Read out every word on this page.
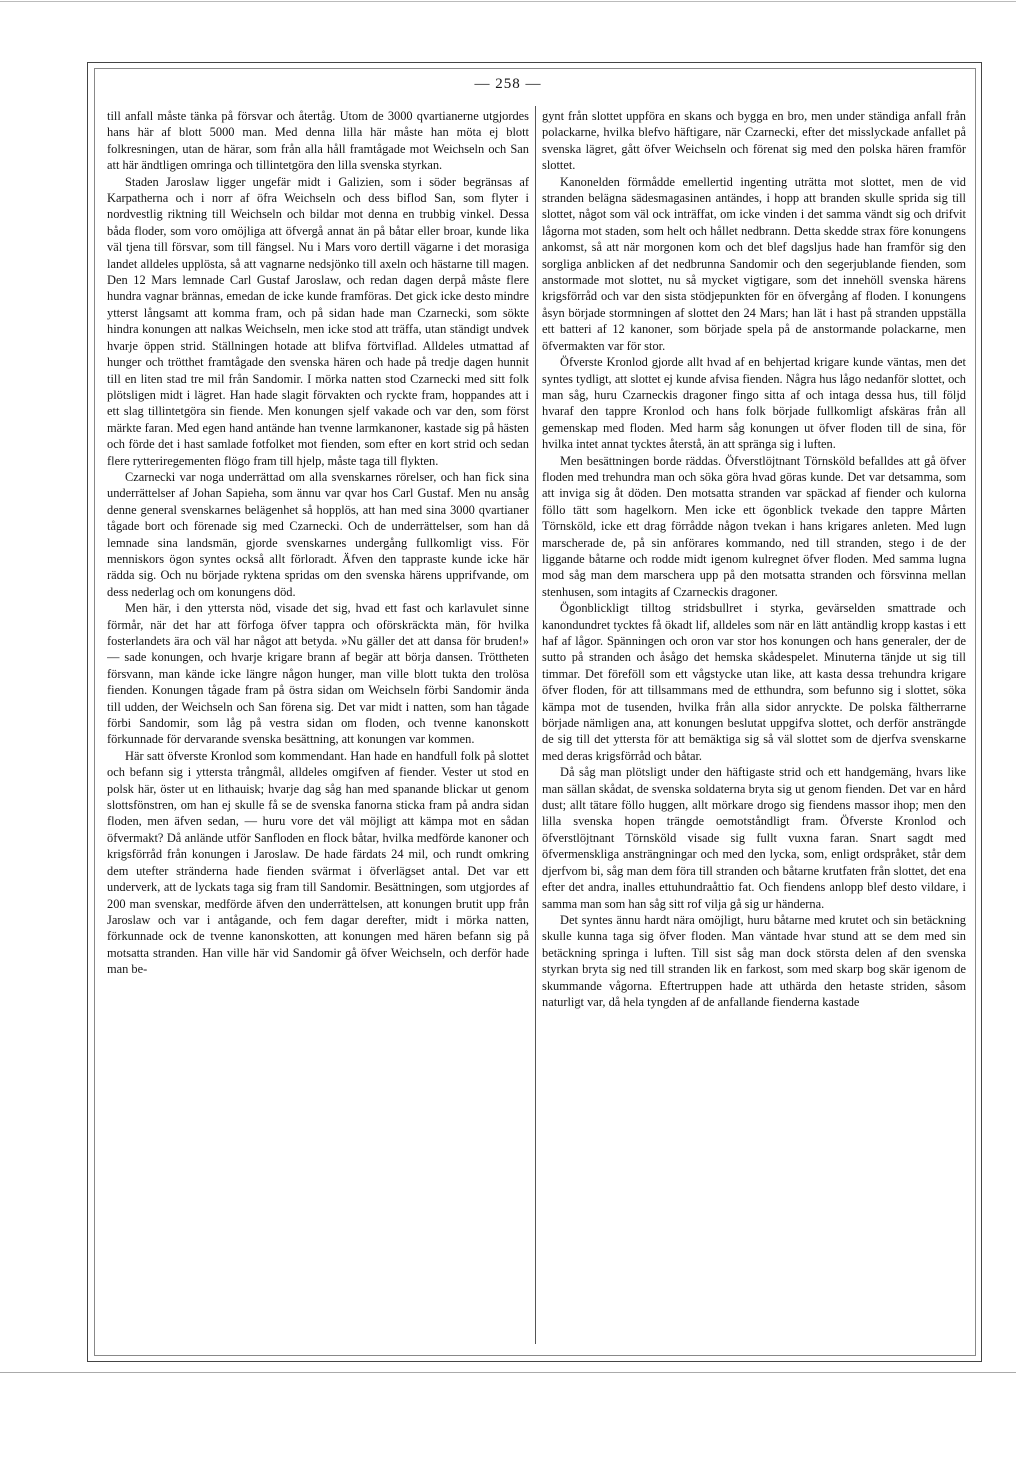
— 258 —

till anfall måste tänka på försvar och återtåg. Utom de 3000 qvartianerne utgjordes hans här af blott 5000 man. Med denna lilla här måste han möta ej blott folkresningen, utan de härar, som från alla håll framtågade mot Weichseln och San att här ändtligen omringa och tillintetgöra den lilla svenska styrkan.

Staden Jaroslaw ligger ungefär midt i Galizien, som i söder begränsas af Karpatherna och i norr af öfra Weichseln och dess biflod San, som flyter i nordvestlig riktning till Weichseln och bildar mot denna en trubbig vinkel. Dessa båda floder, som voro omöjliga att öfvergå annat än på båtar eller broar, kunde lika väl tjena till försvar, som till fängsel. Nu i Mars voro dertill vägarne i det morasiga landet alldeles upplösta, så att vagnarne nedsjönko till axeln och hästarne till magen. Den 12 Mars lemnade Carl Gustaf Jaroslaw, och redan dagen derpå måste flere hundra vagnar brännas, emedan de icke kunde framföras. Det gick icke desto mindre ytterst långsamt att komma fram, och på sidan hade man Czarnecki, som sökte hindra konungen att nalkas Weichseln, men icke stod att träffa, utan ständigt undvek hvarje öppen strid. Ställningen hotade att blifva förtviflad. Alldeles utmattad af hunger och trötthet framtågade den svenska hären och hade på tredje dagen hunnit till en liten stad tre mil från Sandomir. I mörka natten stod Czarnecki med sitt folk plötsligen midt i lägret. Han hade slagit förvakten och ryckte fram, hoppandes att i ett slag tillintetgöra sin fiende. Men konungen sjelf vakade och var den, som först märkte faran. Med egen hand antände han tvenne larmkanoner, kastade sig på hästen och förde det i hast samlade fotfolket mot fienden, som efter en kort strid och sedan flere rytteriregementen flögo fram till hjelp, måste taga till flykten.

Czarnecki var noga underrättad om alla svenskarnes rörelser, och han fick sina underrättelser af Johan Sapieha, som ännu var qvar hos Carl Gustaf. Men nu ansåg denne general svenskarnes belägenhet så hopplös, att han med sina 3000 qvartianer tågade bort och förenade sig med Czarnecki. Och de underrättelser, som han då lemnade sina landsmän, gjorde svenskarnes undergång fullkomligt viss. För menniskors ögon syntes också allt förloradt. Äfven den tappraste kunde icke här rädda sig. Och nu började ryktena spridas om den svenska härens upprifvande, om dess nederlag och om konungens död.

Men här, i den yttersta nöd, visade det sig, hvad ett fast och karlavulet sinne förmår, när det har att förfoga öfver tappra och oförskräckta män, för hvilka fosterlandets ära och väl har något att betyda. »Nu gäller det att dansa för bruden!» — sade konungen, och hvarje krigare brann af begär att börja dansen. Tröttheten försvann, man kände icke längre någon hunger, man ville blott tukta den trolösa fienden. Konungen tågade fram på östra sidan om Weichseln förbi Sandomir ända till udden, der Weichseln och San förena sig. Det var midt i natten, som han tågade förbi Sandomir, som låg på vestra sidan om floden, och tvenne kanonskott förkunnade för dervarande svenska besättning, att konungen var kommen.

Här satt öfverste Kronlod som kommendant. Han hade en handfull folk på slottet och befann sig i yttersta trångmål, alldeles omgifven af fiender. Vester ut stod en polsk här, öster ut en lithauisk; hvarje dag såg han med spanande blickar ut genom slottsfönstren, om han ej skulle få se de svenska fanorna sticka fram på andra sidan floden, men äfven sedan, — huru vore det väl möjligt att kämpa mot en sådan öfvermakt? Då anlände utför Sanfloden en flock båtar, hvilka medförde kanoner och krigsförråd från konungen i Jaroslaw. De hade färdats 24 mil, och rundt omkring dem utefter stränderna hade fienden svärmat i öfverlägset antal. Det var ett underverk, att de lyckats taga sig fram till Sandomir. Besättningen, som utgjordes af 200 man svenskar, medförde äfven den underrättelsen, att konungen brutit upp från Jaroslaw och var i antågande, och fem dagar derefter, midt i mörka natten, förkunnade ock de tvenne kanonskotten, att konungen med hären befann sig på motsatta stranden. Han ville här vid Sandomir gå öfver Weichseln, och derför hade man be-

gynt från slottet uppföra en skans och bygga en bro, men under ständiga anfall från polackarne, hvilka blefvo häftigare, när Czarnecki, efter det misslyckade anfallet på svenska lägret, gått öfver Weichseln och förenat sig med den polska hären framför slottet.

Kanonelden förmådde emellertid ingenting uträtta mot slottet, men de vid stranden belägna sädesmagasinen antändes, i hopp att branden skulle sprida sig till slottet, något som väl ock inträffat, om icke vinden i det samma vändt sig och drifvit lågorna mot staden, som helt och hållet nedbrann. Detta skedde strax före konungens ankomst, så att när morgonen kom och det blef dagsljus hade han framför sig den sorgliga anblicken af det nedbrunna Sandomir och den segerjublande fienden, som anstormade mot slottet, nu så mycket vigtigare, som det innehöll svenska härens krigsförråd och var den sista stödjepunkten för en öfvergång af floden. I konungens åsyn började stormningen af slottet den 24 Mars; han lät i hast på stranden uppställa ett batteri af 12 kanoner, som började spela på de anstormande polackarne, men öfvermakten var för stor.

Öfverste Kronlod gjorde allt hvad af en behjertad krigare kunde väntas, men det syntes tydligt, att slottet ej kunde afvisa fienden. Några hus lågo nedanför slottet, och man såg, huru Czarneckis dragoner fingo sitta af och intaga dessa hus, till följd hvaraf den tappre Kronlod och hans folk började fullkomligt afskäras från all gemenskap med floden. Med harm såg konungen ut öfver floden till de sina, för hvilka intet annat tycktes återstå, än att spränga sig i luften.

Men besättningen borde räddas. Öfverstlöjtnant Törnsköld befalldes att gå öfver floden med trehundra man och söka göra hvad göras kunde. Det var detsamma, som att inviga sig åt döden. Den motsatta stranden var späckad af fiender och kulorna föllo tätt som hagelkorn. Men icke ett ögonblick tvekade den tappre Mårten Törnsköld, icke ett drag förrådde någon tvekan i hans krigares anleten. Med lugn marscherade de, på sin anförares kommando, ned till stranden, stego i de der liggande båtarne och rodde midt igenom kulregnet öfver floden. Med samma lugna mod såg man dem marschera upp på den motsatta stranden och försvinna mellan stenhusen, som intagits af Czarneckis dragoner.

Ögonblickligt tilltog stridsbullret i styrka, gevärselden smattrade och kanondundret tycktes få ökadt lif, alldeles som när en lätt antändlig kropp kastas i ett haf af lågor. Spänningen och oron var stor hos konungen och hans generaler, der de sutto på stranden och åsågo det hemska skådespelet. Minuterna tänjde ut sig till timmar. Det föreföll som ett vågstycke utan like, att kasta dessa trehundra krigare öfver floden, för att tillsammans med de etthundra, som befunno sig i slottet, söka kämpa mot de tusenden, hvilka från alla sidor anryckte. De polska fältherrarne började nämligen ana, att konungen beslutat uppgifva slottet, och derför ansträngde de sig till det yttersta för att bemäktiga sig så väl slottet som de djerfva svenskarne med deras krigsförråd och båtar.

Då såg man plötsligt under den häftigaste strid och ett handgemäng, hvars like man sällan skådat, de svenska soldaterna bryta sig ut genom fienden. Det var en hård dust; allt tätare föllo huggen, allt mörkare drogo sig fiendens massor ihop; men den lilla svenska hopen trängde oemotståndligt fram. Öfverste Kronlod och öfverstlöjtnant Törnsköld visade sig fullt vuxna faran. Snart sagdt med öfvermenskliga ansträngningar och med den lycka, som, enligt ordspråket, står dem djerfvom bi, såg man dem föra till stranden och båtarne krutfaten från slottet, det ena efter det andra, inalles ettuhundraåttio fat. Och fiendens anlopp blef desto vildare, i samma man som han såg sitt rof vilja gå sig ur händerna.

Det syntes ännu hardt nära omöjligt, huru båtarne med krutet och sin betäckning skulle kunna taga sig öfver floden. Man väntade hvar stund att se dem med sin betäckning springa i luften. Till sist såg man dock största delen af den svenska styrkan bryta sig ned till stranden lik en farkost, som med skarp bog skär igenom de skummande vågorna. Eftertruppen hade att uthärda den hetaste striden, såsom naturligt var, då hela tyngden af de anfallande fienderna kastade
